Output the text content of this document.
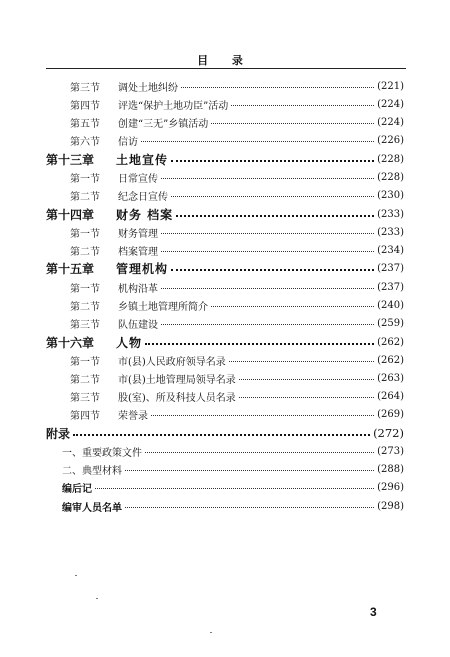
目 录
第三节	调处土地纠纷	(221)
第四节	评选“保护土地功臣”活动	(224)
第五节	创建“三无”乡镇活动	(224)
第六节	信访	(226)
第十三章	土地宣传	(228)
第一节	日常宣传	(228)
第二节	纪念日宣传	(230)
第十四章	财务 档案	(233)
第一节	财务管理	(233)
第二节	档案管理	(234)
第十五章	管理机构	(237)
第一节	机构沿革	(237)
第二节	乡镇土地管理所简介	(240)
第三节	队伍建设	(259)
第十六章	人物	(262)
第一节	市(县)人民政府领导名录	(262)
第二节	市(县)土地管理局领导名录	(263)
第三节	股(室)、所及科技人员名录	(264)
第四节	荣誉录	(269)
附录	(272)
一、重要政策文件	(273)
二、典型材料	(288)
编后记	(296)
编审人员名单	(298)
3
